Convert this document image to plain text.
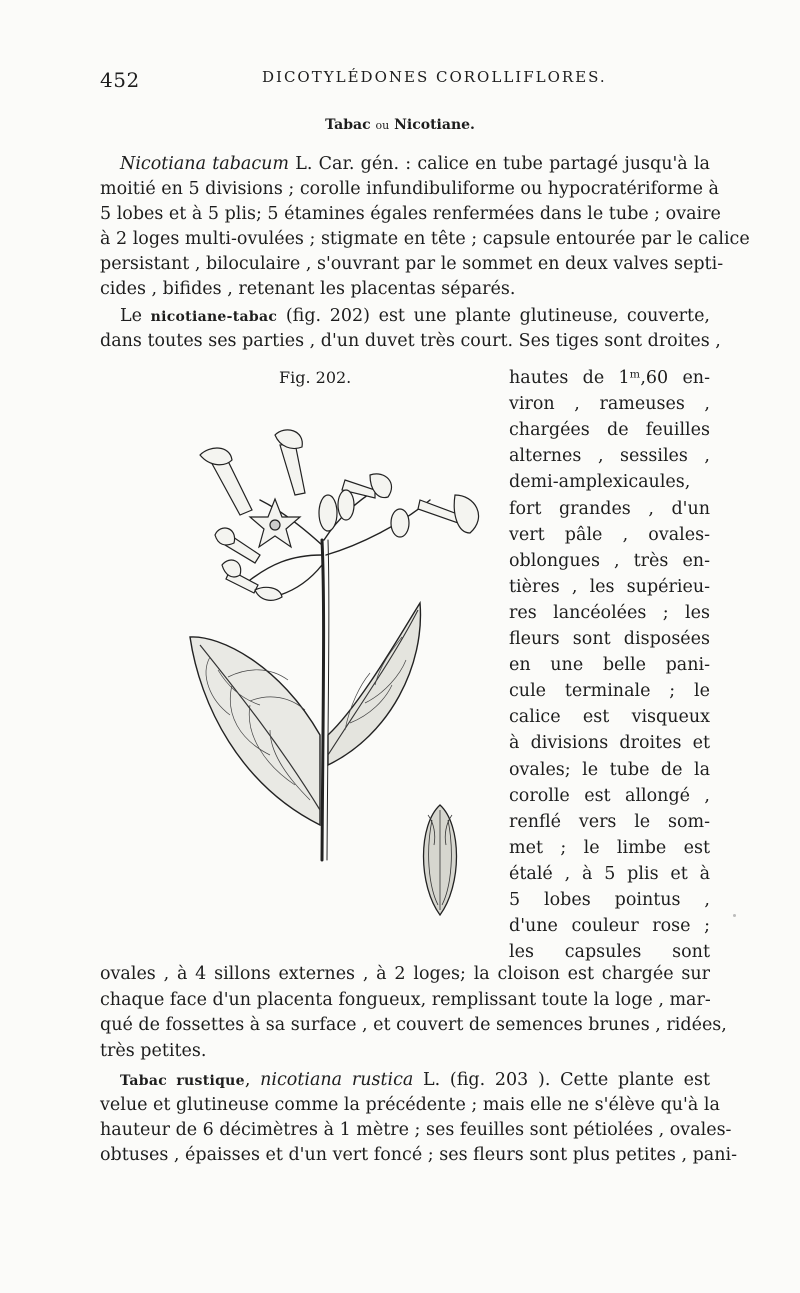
452	DICOTYLÉDONES COROLLIFLORES.
Tabac ou Nicotiane.
Nicotiana tabacum L. Car. gén. : calice en tube partagé jusqu'à la
moitié en 5 divisions ; corolle infundibuliforme ou hypocratériforme à
5 lobes et à 5 plis; 5 étamines égales renfermées dans le tube ; ovaire
à 2 loges multi-ovulées ; stigmate en tête ; capsule entourée par le calice
persistant , biloculaire , s'ouvrant par le sommet en deux valves septi-
cides , bifides , retenant les placentas séparés.
Le nicotiane-tabac (fig. 202) est une plante glutineuse, couverte,
dans toutes ses parties , d'un duvet très court. Ses tiges sont droites ,
hautes de 1ᵐ,60 en-
viron , rameuses ,
chargées de feuilles
alternes , sessiles ,
demi-amplexicaules,
fort grandes , d'un
vert pâle , ovales-
oblongues , très en-
tières , les supérieu-
res lancéolées ; les
fleurs sont disposées
en une belle pani-
cule terminale ; le
calice est visqueux
à divisions droites et
ovales; le tube de la
corolle est allongé ,
renflé vers le som-
met ; le limbe est
étalé , à 5 plis et à
5 lobes pointus ,
d'une couleur rose ;
les capsules sont
ovales , à 4 sillons externes , à 2 loges; la cloison est chargée sur
chaque face d'un placenta fongueux, remplissant toute la loge , mar-
qué de fossettes à sa surface , et couvert de semences brunes , ridées,
très petites.
Fig. 202.
Tabac rustique, nicotiana rustica L. (fig. 203 ). Cette plante est
velue et glutineuse comme la précédente ; mais elle ne s'élève qu'à la
hauteur de 6 décimètres à 1 mètre ; ses feuilles sont pétiolées , ovales-
obtuses , épaisses et d'un vert foncé ; ses fleurs sont plus petites , pani-
